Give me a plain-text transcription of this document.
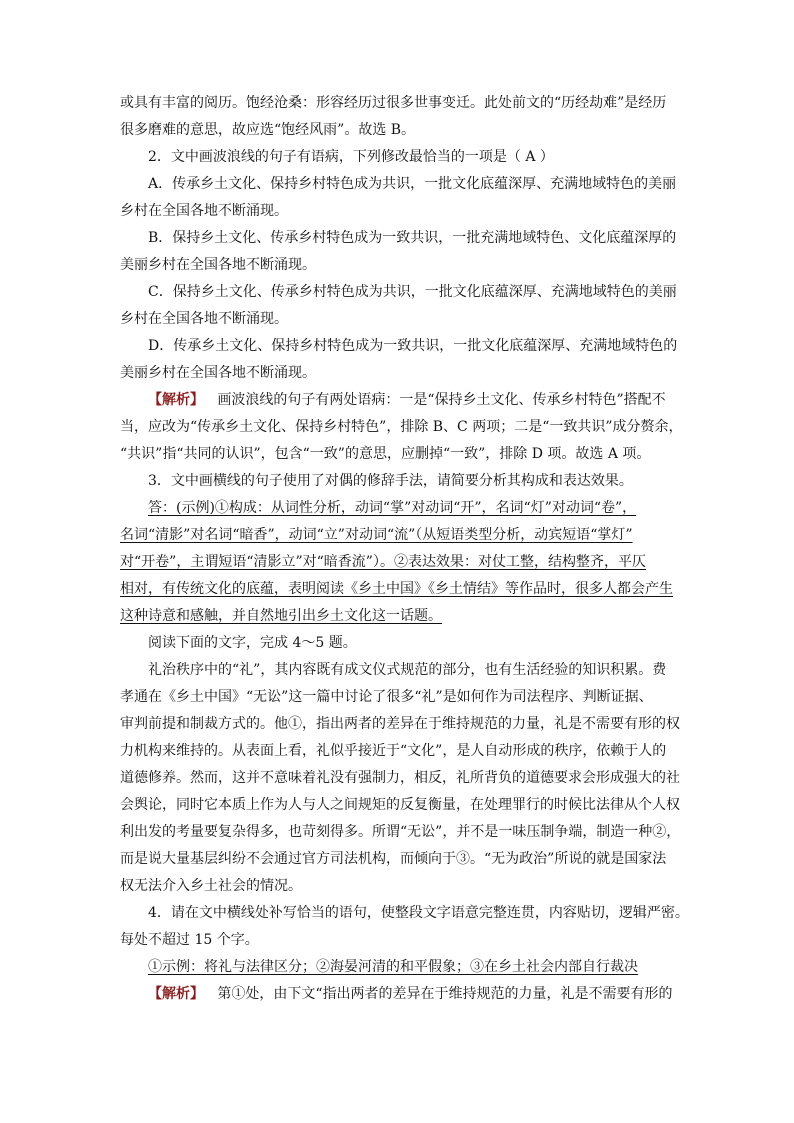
或具有丰富的阅历。饱经沧桑：形容经历过很多世事变迁。此处前文的“历经劫难”是经历
很多磨难的意思，故应选“饱经风雨”。故选 B。
2．文中画波浪线的句子有语病，下列修改最恰当的一项是（ A ）
A．传承乡土文化、保持乡村特色成为共识，一批文化底蕴深厚、充满地域特色的美丽
乡村在全国各地不断涌现。
B．保持乡土文化、传承乡村特色成为一致共识，一批充满地域特色、文化底蕴深厚的
美丽乡村在全国各地不断涌现。
C．保持乡土文化、传承乡村特色成为共识，一批文化底蕴深厚、充满地域特色的美丽
乡村在全国各地不断涌现。
D．传承乡土文化、保持乡村特色成为一致共识，一批文化底蕴深厚、充满地域特色的
美丽乡村在全国各地不断涌现。
【解析】 画波浪线的句子有两处语病：一是“保持乡土文化、传承乡村特色”搭配不
当，应改为“传承乡土文化、保持乡村特色”，排除 B、C 两项；二是“一致共识”成分赘余，
“共识”指“共同的认识”，包含“一致”的意思，应删掉“一致”，排除 D 项。故选 A 项。
3．文中画横线的句子使用了对偶的修辞手法，请简要分析其构成和表达效果。
答：(示例)①构成：从词性分析，动词“掌”对动词“开”，名词“灯”对动词“卷”，
名词“清影”对名词“暗香”，动词“立”对动词“流”（从短语类型分析，动宾短语“掌灯”
对“开卷”，主谓短语“清影立”对“暗香流”）。②表达效果：对仗工整，结构整齐，平仄
相对，有传统文化的底蕴，表明阅读《乡土中国》《乡土情结》等作品时，很多人都会产生
这种诗意和感触，并自然地引出乡土文化这一话题。
阅读下面的文字，完成 4～5 题。
礼治秩序中的“礼”，其内容既有成文仪式规范的部分，也有生活经验的知识积累。费
孝通在《乡土中国》“无讼”这一篇中讨论了很多“礼”是如何作为司法程序、判断证据、
审判前提和制裁方式的。他①，指出两者的差异在于维持规范的力量，礼是不需要有形的权
力机构来维持的。从表面上看，礼似乎接近于“文化”，是人自动形成的秩序，依赖于人的
道德修养。然而，这并不意味着礼没有强制力，相反，礼所背负的道德要求会形成强大的社
会舆论，同时它本质上作为人与人之间规矩的反复衡量，在处理罪行的时候比法律从个人权
利出发的考量要复杂得多，也苛刻得多。所谓“无讼”，并不是一味压制争端，制造一种②，
而是说大量基层纠纷不会通过官方司法机构，而倾向于③。“无为政治”所说的就是国家法
权无法介入乡土社会的情况。
4．请在文中横线处补写恰当的语句，使整段文字语意完整连贯，内容贴切，逻辑严密。
每处不超过 15 个字。
①示例：将礼与法律区分；②海晏河清的和平假象；③在乡土社会内部自行裁决
【解析】 第①处，由下文“指出两者的差异在于维持规范的力量，礼是不需要有形的
